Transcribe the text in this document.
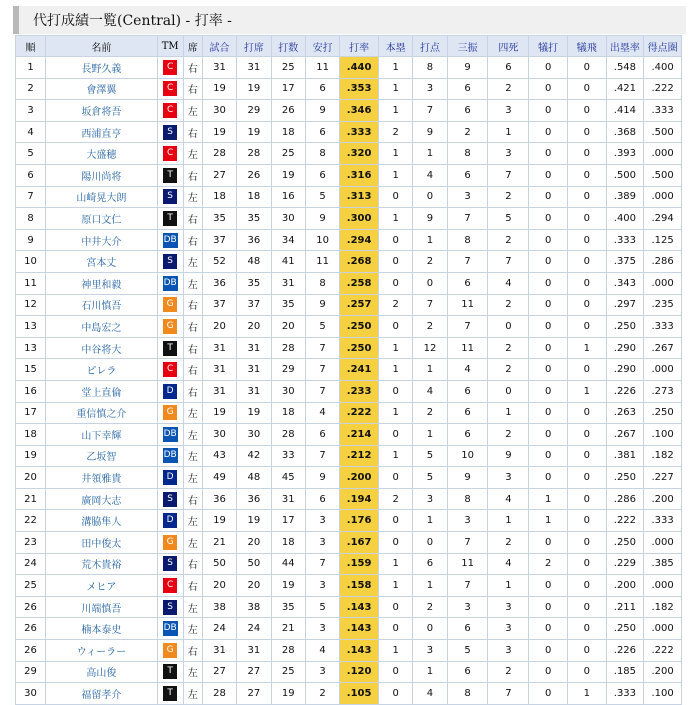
代打成績一覧(Central) - 打率 -
順	名前	TM	席	試合	打席	打数	安打	打率	本塁	打点	三振	四死	犠打	犠飛	出塁率	得点圏
1	長野久義	C	右	31	31	25	11	.440	1	8	9	6	0	0	.548	.400
2	會澤翼	C	右	19	19	17	6	.353	1	3	6	2	0	0	.421	.222
3	坂倉将吾	C	左	30	29	26	9	.346	1	7	6	3	0	0	.414	.333
4	西浦直亨	S	右	19	19	18	6	.333	2	9	2	1	0	0	.368	.500
5	大盛穂	C	左	28	28	25	8	.320	1	1	8	3	0	0	.393	.000
6	陽川尚将	T	右	27	26	19	6	.316	1	4	6	7	0	0	.500	.500
7	山崎晃大朗	S	左	18	18	16	5	.313	0	0	3	2	0	0	.389	.000
8	原口文仁	T	右	35	35	30	9	.300	1	9	7	5	0	0	.400	.294
9	中井大介	DB	右	37	36	34	10	.294	0	1	8	2	0	0	.333	.125
10	宮本丈	S	左	52	48	41	11	.268	0	2	7	7	0	0	.375	.286
11	神里和毅	DB	左	36	35	31	8	.258	0	0	6	4	0	0	.343	.000
12	石川慎吾	G	右	37	37	35	9	.257	2	7	11	2	0	0	.297	.235
13	中島宏之	G	右	20	20	20	5	.250	0	2	7	0	0	0	.250	.333
13	中谷将大	T	右	31	31	28	7	.250	1	12	11	2	0	1	.290	.267
15	ピレラ	C	右	31	31	29	7	.241	1	1	4	2	0	0	.290	.000
16	堂上直倫	D	右	31	31	30	7	.233	0	4	6	0	0	1	.226	.273
17	重信慎之介	G	左	19	19	18	4	.222	1	2	6	1	0	0	.263	.250
18	山下幸輝	DB	左	30	30	28	6	.214	0	1	6	2	0	0	.267	.100
19	乙坂智	DB	左	43	42	33	7	.212	1	5	10	9	0	0	.381	.182
20	井領雅貴	D	左	49	48	45	9	.200	0	5	9	3	0	0	.250	.227
21	廣岡大志	S	右	36	36	31	6	.194	2	3	8	4	1	0	.286	.200
22	溝脇隼人	D	左	19	19	17	3	.176	0	1	3	1	1	0	.222	.333
23	田中俊太	G	左	21	20	18	3	.167	0	0	7	2	0	0	.250	.000
24	荒木貴裕	S	右	50	50	44	7	.159	1	6	11	4	2	0	.229	.385
25	メヒア	C	右	20	20	19	3	.158	1	1	7	1	0	0	.200	.000
26	川端慎吾	S	左	38	38	35	5	.143	0	2	3	3	0	0	.211	.182
26	楠本泰史	DB	左	24	24	21	3	.143	0	0	6	3	0	0	.250	.000
26	ウィーラー	G	右	31	31	28	4	.143	1	3	5	3	0	0	.226	.222
29	高山俊	T	左	27	27	25	3	.120	0	1	6	2	0	0	.185	.200
30	福留孝介	T	左	28	27	19	2	.105	0	4	8	7	0	1	.333	.100
